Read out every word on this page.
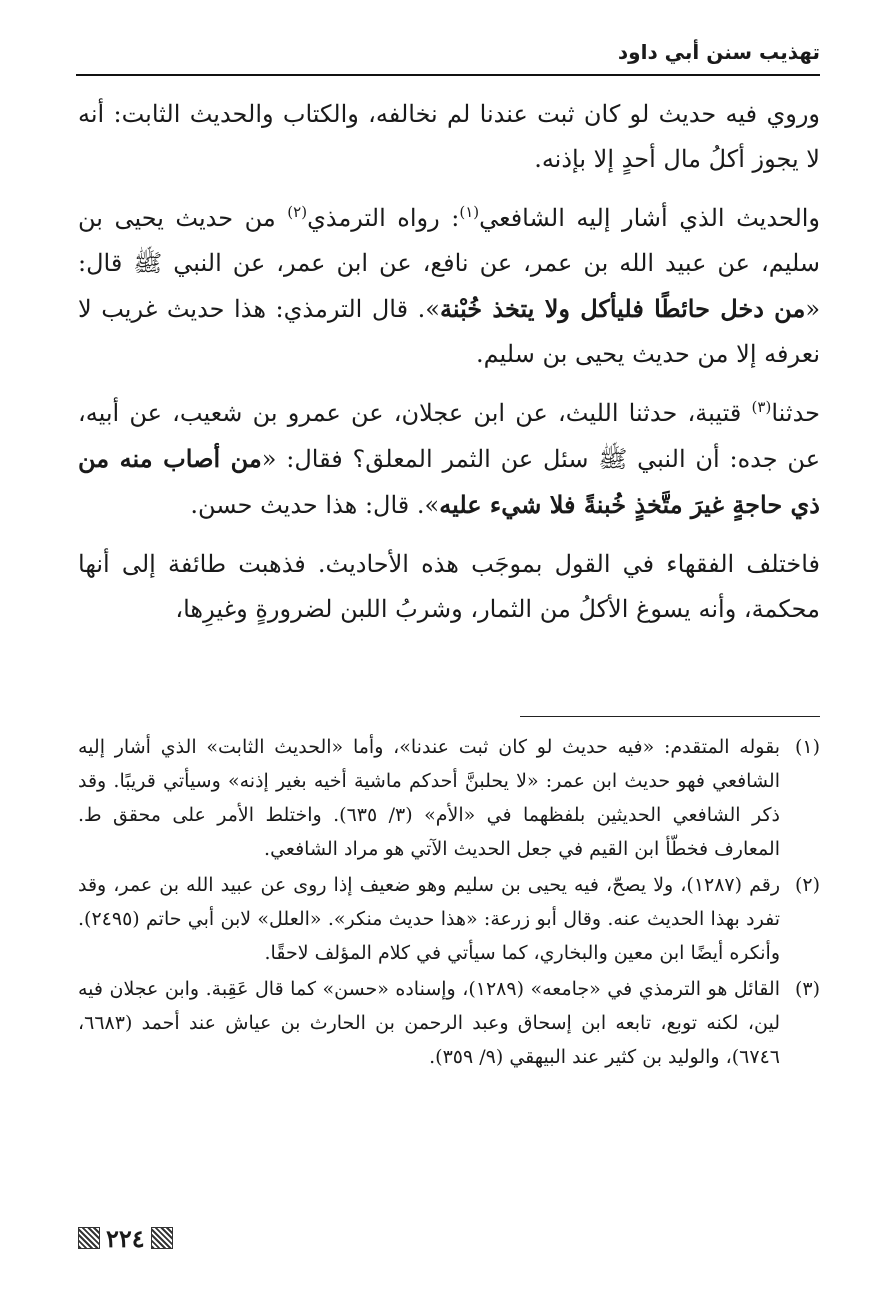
تهذيب سنن أبي داود

وروي فيه حديث لو كان ثبت عندنا لم نخالفه، والكتاب والحديث الثابت: أنه لا يجوز أكلُ مال أحدٍ إلا بإذنه.

والحديث الذي أشار إليه الشافعي$^{(١)}$: رواه الترمذي$^{(٢)}$ من حديث يحيى بن سليم، عن عبيد الله بن عمر، عن نافع، عن ابن عمر، عن النبي ﷺ قال: «من دخل حائطًا فليأكل ولا يتخذ خُبْنة». قال الترمذي: هذا حديث غريب لا نعرفه إلا من حديث يحيى بن سليم.

حدثنا$^{(٣)}$ قتيبة، حدثنا الليث، عن ابن عجلان، عن عمرو بن شعيب، عن أبيه، عن جده: أن النبي ﷺ سئل عن الثمر المعلق؟ فقال: «من أصاب منه من ذي حاجةٍ غيرَ متَّخذٍ خُبنةً فلا شيء عليه». قال: هذا حديث حسن.

فاختلف الفقهاء في القول بموجَب هذه الأحاديث. فذهبت طائفة إلى أنها محكمة، وأنه يسوغ الأكلُ من الثمار، وشربُ اللبن لضرورةٍ وغيرِها،

(١)

بقوله المتقدم: «فيه حديث لو كان ثبت عندنا»، وأما «الحديث الثابت» الذي أشار إليه الشافعي فهو حديث ابن عمر: «لا يحلبنَّ أحدكم ماشية أخيه بغير إذنه» وسيأتي قريبًا. وقد ذكر الشافعي الحديثين بلفظهما في «الأم» (٣/ ٦٣٥). واختلط الأمر على محقق ط. المعارف فخطّأ ابن القيم في جعل الحديث الآتي هو مراد الشافعي.

(٢)

رقم (١٢٨٧)، ولا يصحّ، فيه يحيى بن سليم وهو ضعيف إذا روى عن عبيد الله بن عمر، وقد تفرد بهذا الحديث عنه. وقال أبو زرعة: «هذا حديث منكر». «العلل» لابن أبي حاتم (٢٤٩٥). وأنكره أيضًا ابن معين والبخاري، كما سيأتي في كلام المؤلف لاحقًا.

(٣)

القائل هو الترمذي في «جامعه» (١٢٨٩)، وإسناده «حسن» كما قال عَقِبة. وابن عجلان فيه لين، لكنه توبع، تابعه ابن إسحاق وعبد الرحمن بن الحارث بن عياش عند أحمد (٦٦٨٣، ٦٧٤٦)، والوليد بن كثير عند البيهقي (٩/ ٣٥٩).

٢٢٤
